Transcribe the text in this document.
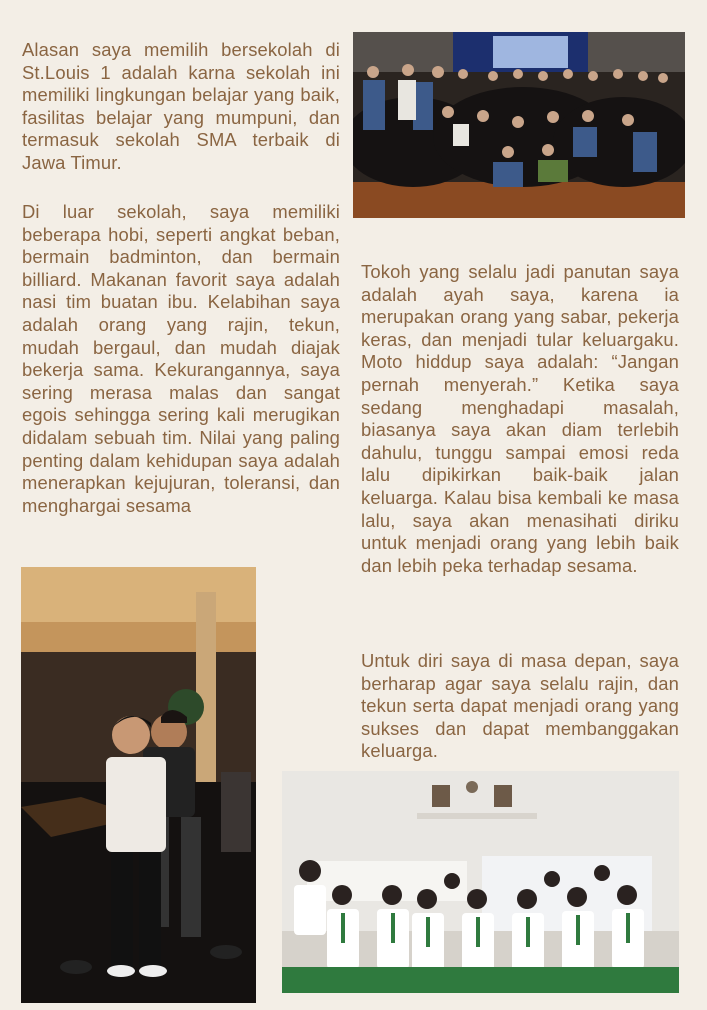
Alasan saya memilih bersekolah di St.Louis 1 adalah karna sekolah ini memiliki lingkungan belajar yang baik, fasilitas belajar yang mumpuni, dan termasuk sekolah SMA terbaik di Jawa Timur.

Di luar sekolah, saya memiliki beberapa hobi, seperti angkat beban, bermain badminton, dan bermain billiard. Makanan favorit saya adalah nasi tim buatan ibu. Kelabihan saya adalah orang yang rajin, tekun, mudah bergaul, dan mudah diajak bekerja sama. Kekurangannya, saya sering merasa malas dan sangat egois sehingga sering kali merugikan didalam sebuah tim. Nilai yang paling penting dalam kehidupan saya adalah menerapkan kejujuran, toleransi, dan menghargai sesama

Tokoh yang selalu jadi panutan saya adalah ayah saya, karena ia merupakan orang yang sabar, pekerja keras, dan menjadi tular keluargaku. Moto hiddup saya adalah: “Jangan pernah menyerah.” Ketika saya sedang menghadapi masalah, biasanya saya akan diam terlebih dahulu, tunggu sampai emosi reda lalu dipikirkan baik-baik jalan keluarga. Kalau bisa kembali ke masa lalu, saya akan menasihati diriku untuk menjadi orang yang lebih baik dan lebih peka terhadap sesama.

Untuk diri saya di masa depan, saya berharap agar saya selalu rajin, dan tekun serta dapat menjadi orang yang sukses dan dapat membanggakan keluarga.
